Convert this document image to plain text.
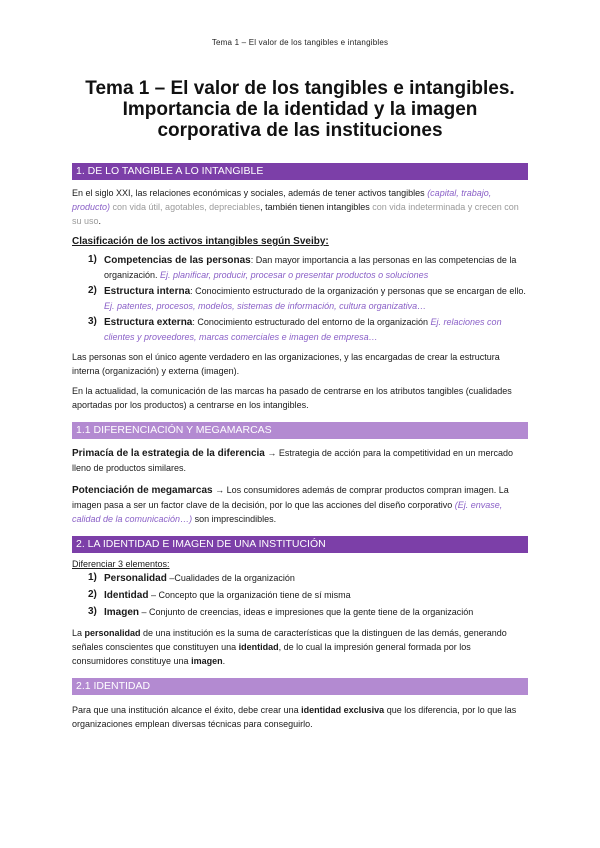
Tema 1 – El valor de los tangibles e intangibles
Tema 1 – El valor de los tangibles e intangibles. Importancia de la identidad y la imagen corporativa de las instituciones
1. DE LO TANGIBLE A LO INTANGIBLE

En el siglo XXI, las relaciones económicas y sociales, además de tener activos tangibles (capital, trabajo, producto) con vida útil, agotables, depreciables, también tienen intangibles con vida indeterminada y crecen con su uso.

Clasificación de los activos intangibles según Sveiby:
1) Competencias de las personas: Dan mayor importancia a las personas en las competencias de la organización. Ej. planificar, producir, procesar o presentar productos o soluciones
2) Estructura interna: Conocimiento estructurado de la organización y personas que se encargan de ello. Ej. patentes, procesos, modelos, sistemas de información, cultura organizativa…
3) Estructura externa: Conocimiento estructurado del entorno de la organización Ej. relaciones con clientes y proveedores, marcas comerciales e imagen de empresa…

Las personas son el único agente verdadero en las organizaciones, y las encargadas de crear la estructura interna (organización) y externa (imagen).

En la actualidad, la comunicación de las marcas ha pasado de centrarse en los atributos tangibles (cualidades aportadas por los productos) a centrarse en los intangibles.

1.1 DIFERENCIACIÓN Y MEGAMARCAS

Primacía de la estrategia de la diferencia → Estrategia de acción para la competitividad en un mercado lleno de productos similares.

Potenciación de megamarcas → Los consumidores además de comprar productos compran imagen. La imagen pasa a ser un factor clave de la decisión, por lo que las acciones del diseño corporativo (Ej. envase, calidad de la comunicación…) son imprescindibles.

2. LA IDENTIDAD E IMAGEN DE UNA INSTITUCIÓN
Diferenciar 3 elementos:
1) Personalidad –Cualidades de la organización
2) Identidad – Concepto que la organización tiene de sí misma
3) Imagen – Conjunto de creencias, ideas e impresiones que la gente tiene de la organización

La personalidad de una institución es la suma de características que la distinguen de las demás, generando señales conscientes que constituyen una identidad, de lo cual la impresión general formada por los consumidores constituye una imagen.

2.1 IDENTIDAD

Para que una institución alcance el éxito, debe crear una identidad exclusiva que los diferencia, por lo que las organizaciones emplean diversas técnicas para conseguirlo.
